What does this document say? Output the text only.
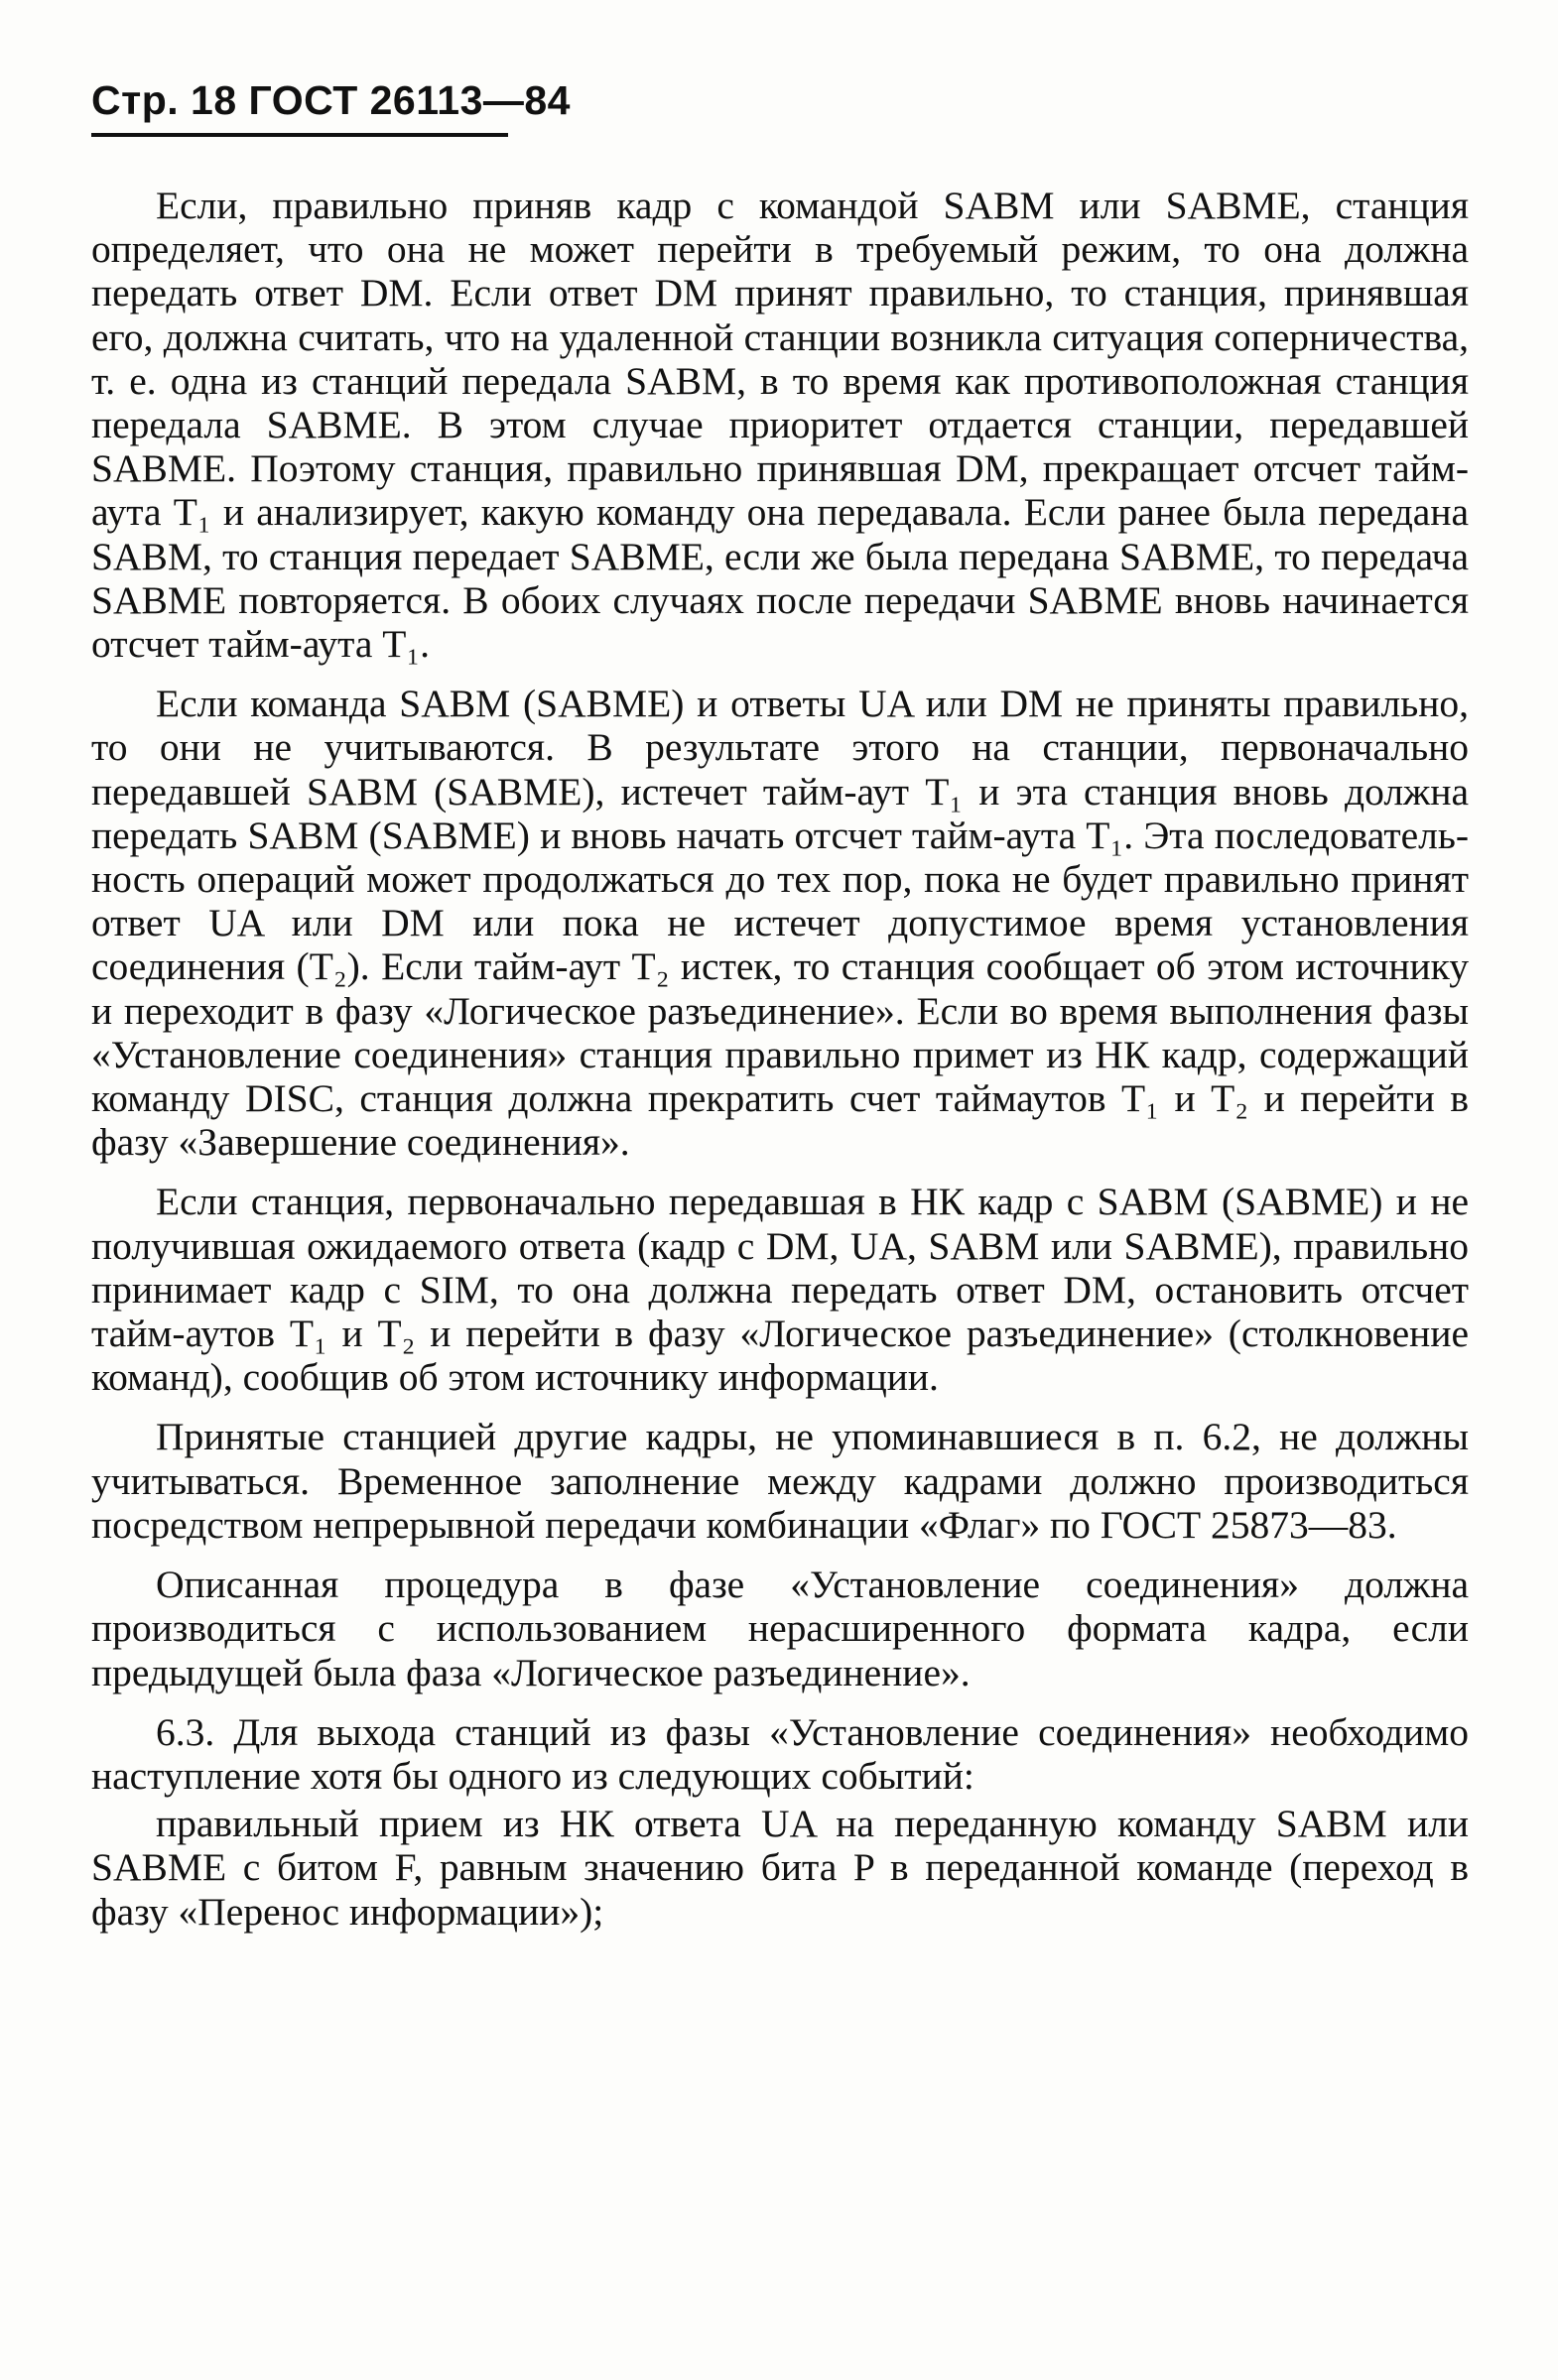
Стр. 18 ГОСТ 26113—84

Если, правильно приняв кадр с командой SABM или SABME, станция определяет, что она не может перейти в требуемый режим, то она должна передать ответ DM. Если ответ DM принят правильно, то станция, принявшая его, должна считать, что на удаленной станции возникла ситуация соперничества, т. е. одна из станций передала SABM, в то время как противоположная станция передала SABME. В этом случае приоритет отдается станции, передавшей SABME. Поэтому станция, правильно принявшая DM, прекращает отсчет тайм-аута T₁ и анализирует, какую команду она передавала. Если ранее была передана SABM, то станция передает SABME, если же была передана SABME, то передача SABME повторяется. В обоих случаях после передачи SABME вновь начинается отсчет тайм-аута T₁.

Если команда SABM (SABME) и ответы UA или DM не приняты правильно, то они не учитываются. В результате этого на станции, первоначально передавшей SABM (SABME), истечет тайм-аут T₁ и эта станция вновь должна передать SABM (SABME) и вновь начать отсчет тайм-аута T₁. Эта последовательность операций может продолжаться до тех пор, пока не будет правильно принят ответ UA или DM или пока не истечет допустимое время установления соединения (T₂). Если тайм-аут T₂ истек, то станция сообщает об этом источнику и переходит в фазу «Логическое разъединение». Если во время выполнения фазы «Установление соединения» станция правильно примет из НК кадр, содержащий команду DISC, станция должна прекратить счет таймаутов T₁ и T₂ и перейти в фазу «Завершение соединения».

Если станция, первоначально передавшая в НК кадр с SABM (SABME) и не получившая ожидаемого ответа (кадр с DM, UA, SABM или SABME), правильно принимает кадр с SIM, то она должна передать ответ DM, остановить отсчет тайм-аутов T₁ и T₂ и перейти в фазу «Логическое разъединение» (столкновение команд), сообщив об этом источнику информации.

Принятые станцией другие кадры, не упоминавшиеся в п. 6.2, не должны учитываться. Временное заполнение между кадрами должно производиться посредством непрерывной передачи комбинации «Флаг» по ГОСТ 25873—83.

Описанная процедура в фазе «Установление соединения» должна производиться с использованием нерасширенного формата кадра, если предыдущей была фаза «Логическое разъединение».

6.3. Для выхода станций из фазы «Установление соединения» необходимо наступление хотя бы одного из следующих событий:

правильный прием из НК ответа UA на переданную команду SABM или SABME с битом F, равным значению бита P в переданной команде (переход в фазу «Перенос информации»);
